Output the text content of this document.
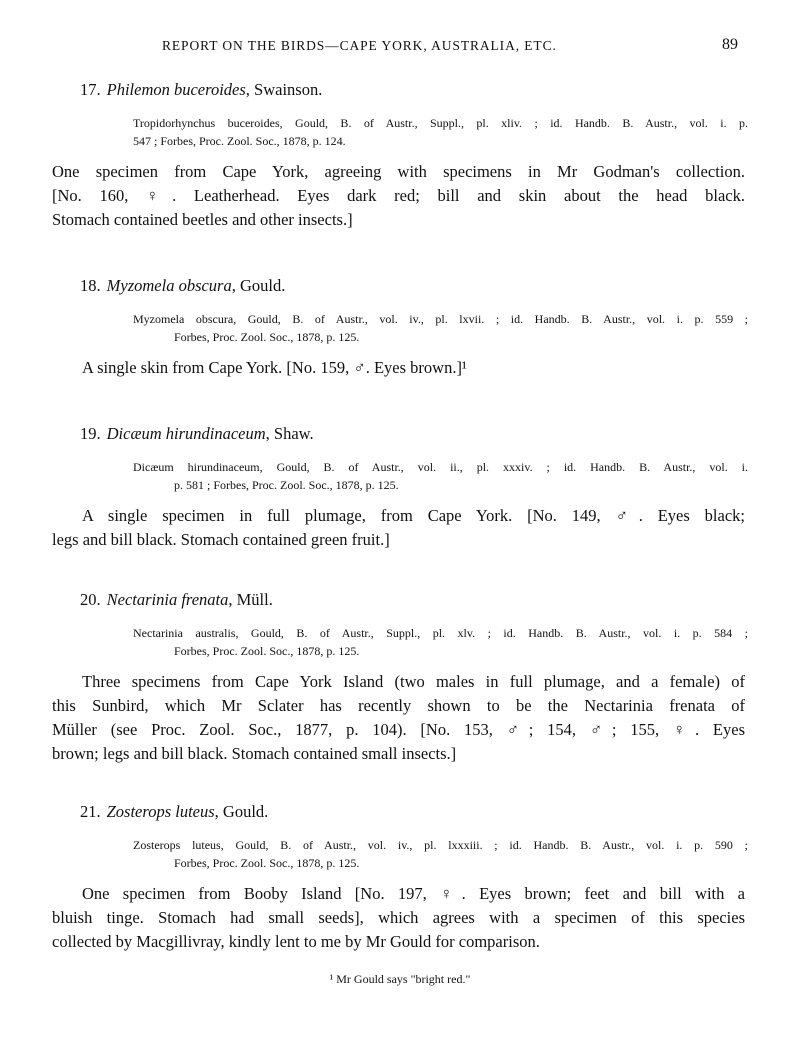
REPORT ON THE BIRDS—CAPE YORK, AUSTRALIA, ETC.	89
17. Philemon buceroides, Swainson.
Tropidorhynchus buceroides, Gould, B. of Austr., Suppl., pl. xliv. ; id. Handb. B. Austr., vol. i. p.
547 ; Forbes, Proc. Zool. Soc., 1878, p. 124.
One specimen from Cape York, agreeing with specimens in Mr Godman's collection.
[No. 160, ♀. Leatherhead. Eyes dark red; bill and skin about the head black.
Stomach contained beetles and other insects.]
18. Myzomela obscura, Gould.
Myzomela obscura, Gould, B. of Austr., vol. iv., pl. lxvii. ; id. Handb. B. Austr., vol. i. p. 559 ;
Forbes, Proc. Zool. Soc., 1878, p. 125.
A single skin from Cape York. [No. 159, ♂. Eyes brown.]¹
19. Dicæum hirundinaceum, Shaw.
Dicæum hirundinaceum, Gould, B. of Austr., vol. ii., pl. xxxiv. ; id. Handb. B. Austr., vol. i.
p. 581 ; Forbes, Proc. Zool. Soc., 1878, p. 125.
A single specimen in full plumage, from Cape York. [No. 149, ♂. Eyes black;
legs and bill black. Stomach contained green fruit.]
20. Nectarinia frenata, Müll.
Nectarinia australis, Gould, B. of Austr., Suppl., pl. xlv. ; id. Handb. B. Austr., vol. i. p. 584 ;
Forbes, Proc. Zool. Soc., 1878, p. 125.
Three specimens from Cape York Island (two males in full plumage, and a female) of
this Sunbird, which Mr Sclater has recently shown to be the Nectarinia frenata of
Müller (see Proc. Zool. Soc., 1877, p. 104). [No. 153, ♂; 154, ♂; 155, ♀. Eyes
brown; legs and bill black. Stomach contained small insects.]
21. Zosterops luteus, Gould.
Zosterops luteus, Gould, B. of Austr., vol. iv., pl. lxxxiii. ; id. Handb. B. Austr., vol. i. p. 590 ;
Forbes, Proc. Zool. Soc., 1878, p. 125.
One specimen from Booby Island [No. 197, ♀. Eyes brown; feet and bill with a
bluish tinge. Stomach had small seeds], which agrees with a specimen of this species
collected by Macgillivray, kindly lent to me by Mr Gould for comparison.
¹ Mr Gould says "bright red."
